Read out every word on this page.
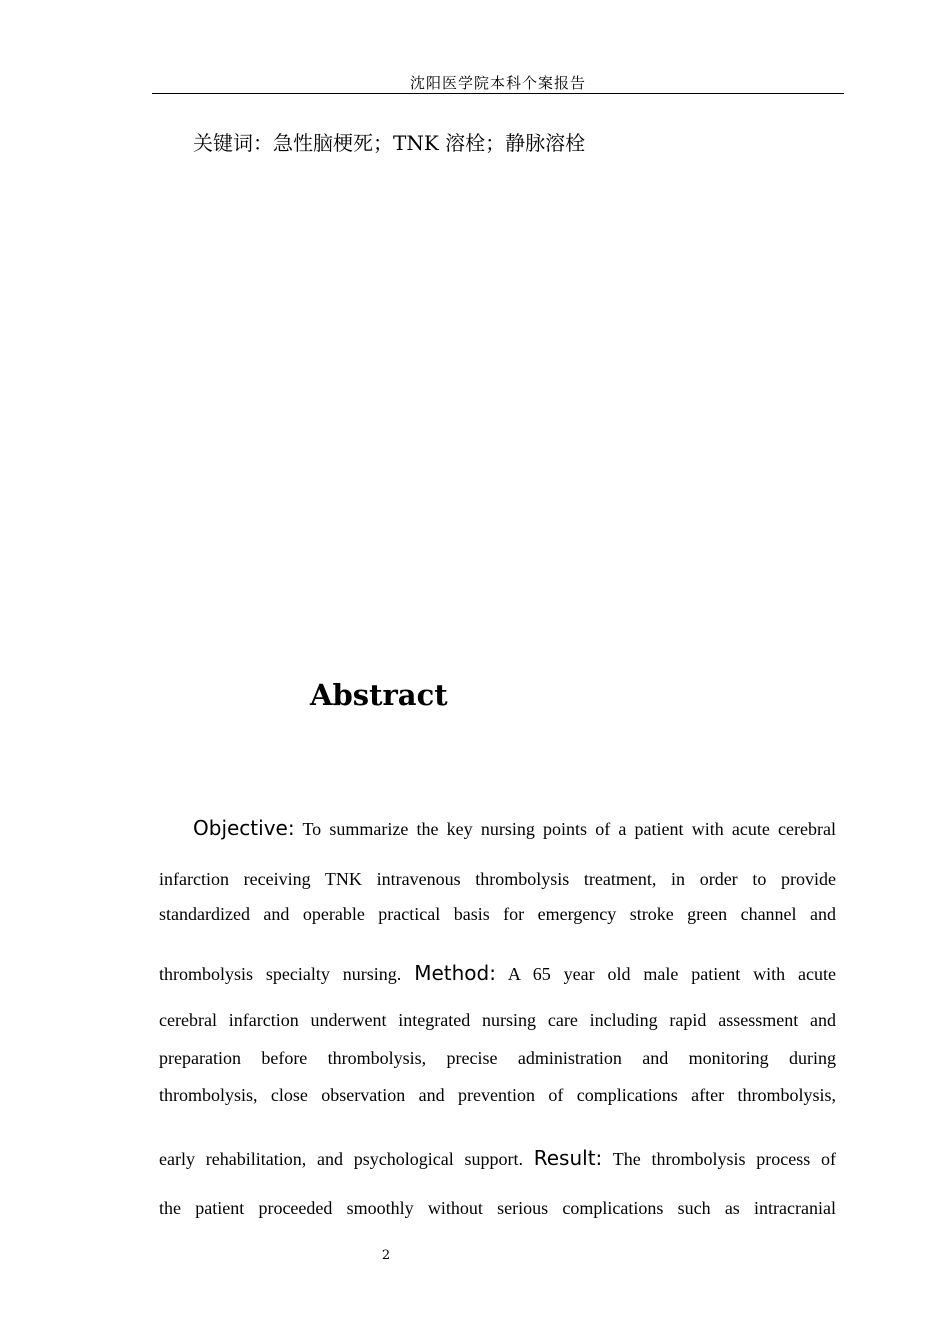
沈阳医学院本科个案报告
关键词：急性脑梗死；TNK 溶栓；静脉溶栓
Abstract
Objective: To summarize the key nursing points of a patient with acute cerebral
infarction receiving TNK intravenous thrombolysis treatment, in order to provide
standardized and operable practical basis for emergency stroke green channel and
thrombolysis specialty nursing. Method: A 65 year old male patient with acute
cerebral infarction underwent integrated nursing care including rapid assessment and
preparation before thrombolysis, precise administration and monitoring during
thrombolysis, close observation and prevention of complications after thrombolysis,
early rehabilitation, and psychological support. Result: The thrombolysis process of
the patient proceeded smoothly without serious complications such as intracranial
2
